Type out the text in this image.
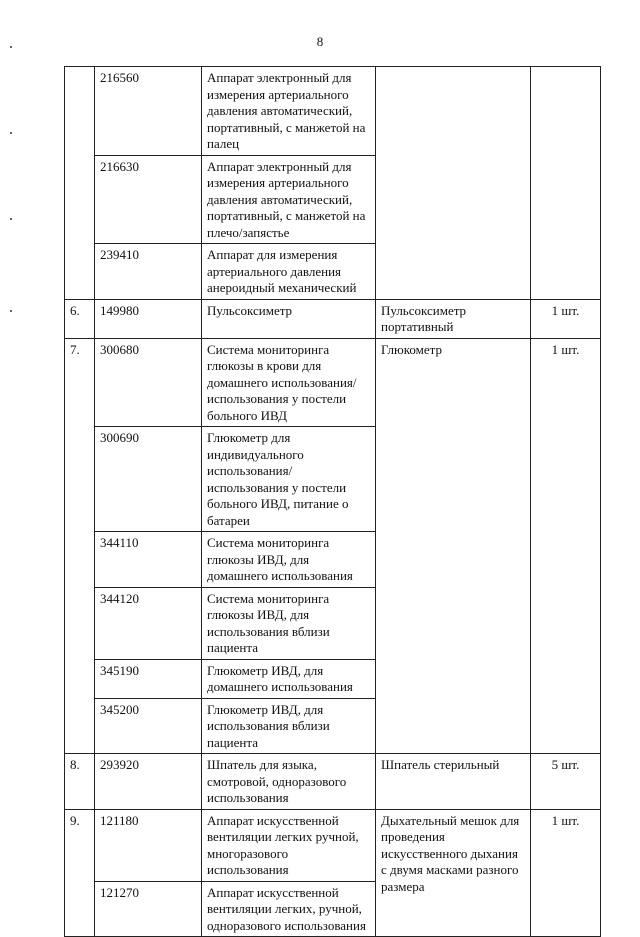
8
	216560	Аппарат электронный для измерения артериального давления автоматический, портативный, с манжетой на палец		
	216630	Аппарат электронный для измерения артериального давления автоматический, портативный, с манжетой на плечо/запястье		
	239410	Аппарат для измерения артериального давления анероидный механический		
6.	149980	Пульсоксиметр	Пульсоксиметр портативный	1 шт.
7.	300680	Система мониторинга глюкозы в крови для домашнего использования/ использования у постели больного ИВД	Глюкометр	1 шт.
	300690	Глюкометр для индивидуального использования/использования у постели больного ИВД, питание о батареи		
	344110	Система мониторинга глюкозы ИВД, для домашнего использования		
	344120	Система мониторинга глюкозы ИВД, для использования вблизи пациента		
	345190	Глюкометр ИВД, для домашнего использования		
	345200	Глюкометр ИВД, для использования вблизи пациента		
8.	293920	Шпатель для языка, смотровой, одноразового использования	Шпатель стерильный	5 шт.
9.	121180	Аппарат искусственной вентиляции легких ручной, многоразового использования	Дыхательный мешок для проведения искусственного дыхания с двумя масками разного размера	1 шт.
	121270	Аппарат искусственной вентиляции легких, ручной, одноразового использования		
